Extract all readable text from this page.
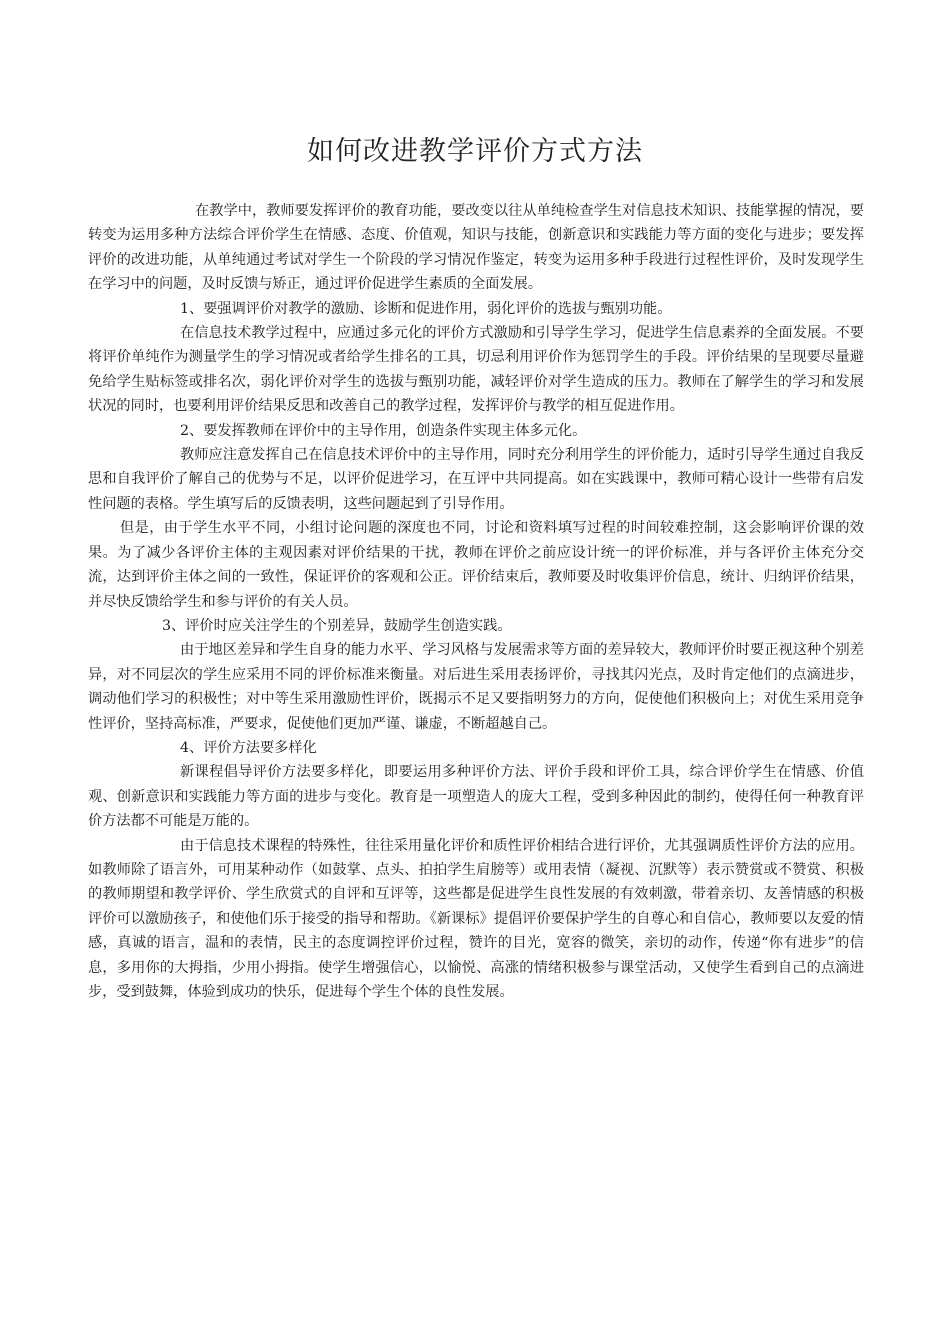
如何改进教学评价方式方法

在教学中，教师要发挥评价的教育功能，要改变以往从单纯检查学生对信息技术知识、技能掌握的情况，要转变为运用多种方法综合评价学生在情感、态度、价值观，知识与技能，创新意识和实践能力等方面的变化与进步；要发挥评价的改进功能，从单纯通过考试对学生一个阶段的学习情况作鉴定，转变为运用多种手段进行过程性评价，及时发现学生在学习中的问题，及时反馈与矫正，通过评价促进学生素质的全面发展。

1、要强调评价对教学的激励、诊断和促进作用，弱化评价的选拔与甄别功能。

在信息技术教学过程中，应通过多元化的评价方式激励和引导学生学习，促进学生信息素养的全面发展。不要将评价单纯作为测量学生的学习情况或者给学生排名的工具，切忌利用评价作为惩罚学生的手段。评价结果的呈现要尽量避免给学生贴标签或排名次，弱化评价对学生的选拔与甄别功能，减轻评价对学生造成的压力。教师在了解学生的学习和发展状况的同时，也要利用评价结果反思和改善自己的教学过程，发挥评价与教学的相互促进作用。

2、要发挥教师在评价中的主导作用，创造条件实现主体多元化。

教师应注意发挥自己在信息技术评价中的主导作用，同时充分利用学生的评价能力，适时引导学生通过自我反思和自我评价了解自己的优势与不足，以评价促进学习，在互评中共同提高。如在实践课中，教师可精心设计一些带有启发性问题的表格。学生填写后的反馈表明，这些问题起到了引导作用。

但是，由于学生水平不同，小组讨论问题的深度也不同，讨论和资料填写过程的时间较难控制，这会影响评价课的效果。为了减少各评价主体的主观因素对评价结果的干扰，教师在评价之前应设计统一的评价标准，并与各评价主体充分交流，达到评价主体之间的一致性，保证评价的客观和公正。评价结束后，教师要及时收集评价信息，统计、归纳评价结果，并尽快反馈给学生和参与评价的有关人员。

3、评价时应关注学生的个别差异，鼓励学生创造实践。

由于地区差异和学生自身的能力水平、学习风格与发展需求等方面的差异较大，教师评价时要正视这种个别差异，对不同层次的学生应采用不同的评价标准来衡量。对后进生采用表扬评价，寻找其闪光点，及时肯定他们的点滴进步，调动他们学习的积极性；对中等生采用激励性评价，既揭示不足又要指明努力的方向，促使他们积极向上；对优生采用竞争性评价，坚持高标准，严要求，促使他们更加严谨、谦虚，不断超越自己。

4、评价方法要多样化

新课程倡导评价方法要多样化，即要运用多种评价方法、评价手段和评价工具，综合评价学生在情感、价值观、创新意识和实践能力等方面的进步与变化。教育是一项塑造人的庞大工程，受到多种因此的制约，使得任何一种教育评价方法都不可能是万能的。

由于信息技术课程的特殊性，往往采用量化评价和质性评价相结合进行评价，尤其强调质性评价方法的应用。如教师除了语言外，可用某种动作（如鼓掌、点头、拍拍学生肩膀等）或用表情（凝视、沉默等）表示赞赏或不赞赏、积极的教师期望和教学评价、学生欣赏式的自评和互评等，这些都是促进学生良性发展的有效刺激，带着亲切、友善情感的积极评价可以激励孩子，和使他们乐于接受的指导和帮助。《新课标》提倡评价要保护学生的自尊心和自信心，教师要以友爱的情感，真诚的语言，温和的表情，民主的态度调控评价过程，赞许的目光，宽容的微笑，亲切的动作，传递“你有进步”的信息，多用你的大拇指，少用小拇指。使学生增强信心，以愉悦、高涨的情绪积极参与课堂活动，又使学生看到自己的点滴进步，受到鼓舞，体验到成功的快乐，促进每个学生个体的良性发展。
